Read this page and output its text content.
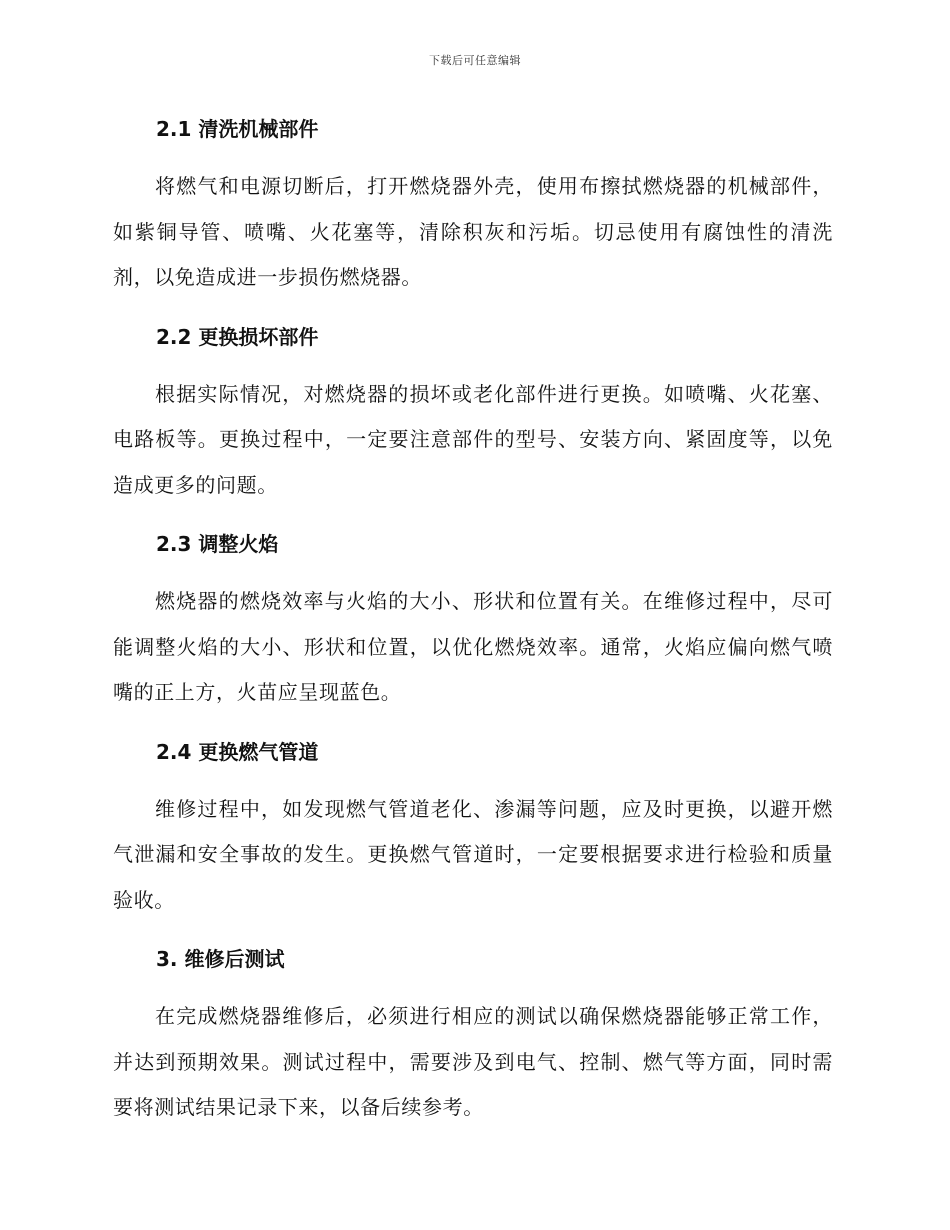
下载后可任意编辑
2.1 清洗机械部件

将燃气和电源切断后，打开燃烧器外壳，使用布擦拭燃烧器的机械部件，如紫铜导管、喷嘴、火花塞等，清除积灰和污垢。切忌使用有腐蚀性的清洗剂，以免造成进一步损伤燃烧器。

2.2 更换损坏部件

根据实际情况，对燃烧器的损坏或老化部件进行更换。如喷嘴、火花塞、电路板等。更换过程中，一定要注意部件的型号、安装方向、紧固度等，以免造成更多的问题。

2.3 调整火焰

燃烧器的燃烧效率与火焰的大小、形状和位置有关。在维修过程中，尽可能调整火焰的大小、形状和位置，以优化燃烧效率。通常，火焰应偏向燃气喷嘴的正上方，火苗应呈现蓝色。

2.4 更换燃气管道

维修过程中，如发现燃气管道老化、渗漏等问题，应及时更换，以避开燃气泄漏和安全事故的发生。更换燃气管道时，一定要根据要求进行检验和质量验收。

3. 维修后测试

在完成燃烧器维修后，必须进行相应的测试以确保燃烧器能够正常工作，并达到预期效果。测试过程中，需要涉及到电气、控制、燃气等方面，同时需要将测试结果记录下来，以备后续参考。
